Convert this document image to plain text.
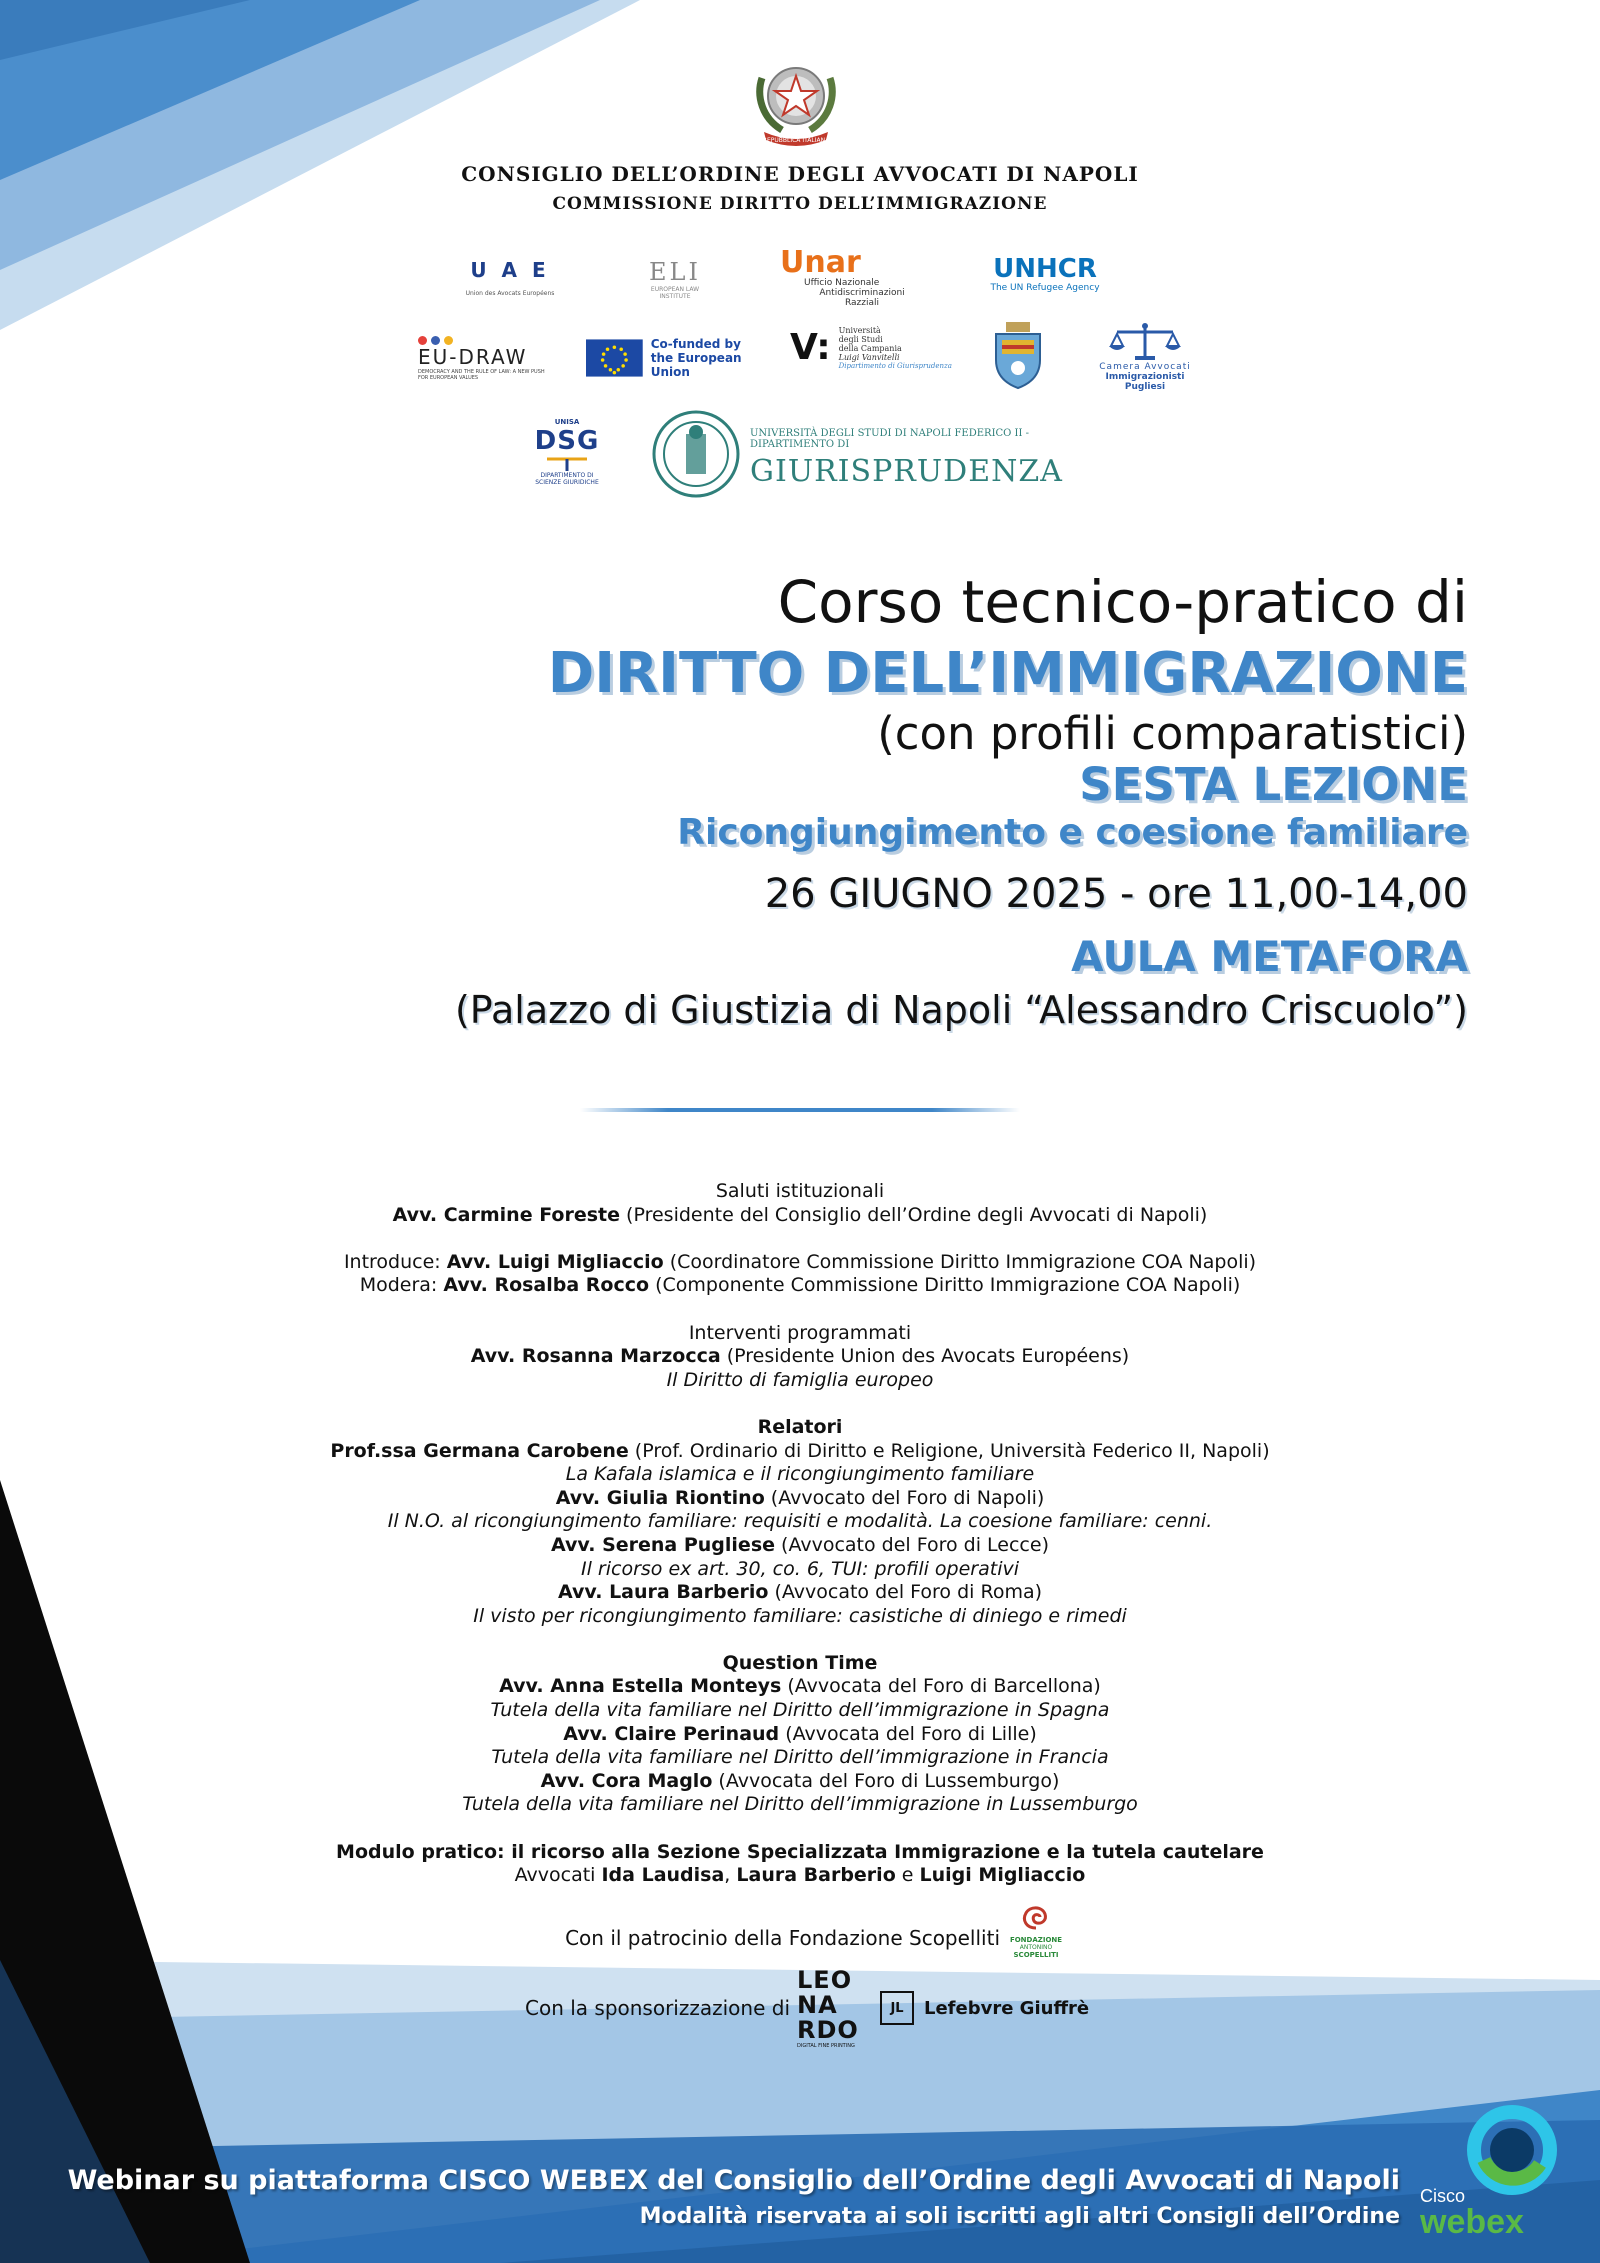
REPUBBLICA ITALIANA
CONSIGLIO DELL’ORDINE DEGLI AVVOCATI DI NAPOLI
COMMISSIONE DIRITTO DELL’IMMIGRAZIONE
U A E
Union des Avocats Européens
ELI
EUROPEAN LAW INSTITUTE
Unar
Ufficio Nazionale
Antidiscriminazioni Razziali
UNHCR
The UN Refugee Agency
EU-DRAW
DEMOCRACY AND THE RULE OF LAW: A NEW PUSH FOR EUROPEAN VALUES
Co-funded by
the European Union
V: Università
degli Studi
della Campania
Luigi Vanvitelli
Dipartimento di Giurisprudenza	Camera Avvocati
Immigrazionisti Pugliesi
UNISA
DSG
DIPARTIMENTO DI
SCIENZE GIURIDICHE
UNIVERSITÀ DEGLI STUDI DI NAPOLI FEDERICO II - DIPARTIMENTO DI
GIURISPRUDENZA
Corso tecnico-pratico di
DIRITTO DELL’IMMIGRAZIONE
(con profili comparatistici)
SESTA LEZIONE
Ricongiungimento e coesione familiare
26 GIUGNO 2025 - ore 11,00-14,00
AULA METAFORA
(Palazzo di Giustizia di Napoli “Alessandro Criscuolo”)
Saluti istituzionali
Avv. Carmine Foreste (Presidente del Consiglio dell’Ordine degli Avvocati di Napoli)
Introduce: Avv. Luigi Migliaccio (Coordinatore Commissione Diritto Immigrazione COA Napoli)
Modera: Avv. Rosalba Rocco (Componente Commissione Diritto Immigrazione COA Napoli)
Interventi programmati
Avv. Rosanna Marzocca (Presidente Union des Avocats Européens)
Il Diritto di famiglia europeo
Relatori
Prof.ssa Germana Carobene (Prof. Ordinario di Diritto e Religione, Università Federico II, Napoli)
La Kafala islamica e il ricongiungimento familiare
Avv. Giulia Riontino (Avvocato del Foro di Napoli)
Il N.O. al ricongiungimento familiare: requisiti e modalità. La coesione familiare: cenni.
Avv. Serena Pugliese (Avvocato del Foro di Lecce)
Il ricorso ex art. 30, co. 6, TUI: profili operativi
Avv. Laura Barberio (Avvocato del Foro di Roma)
Il visto per ricongiungimento familiare: casistiche di diniego e rimedi
Question Time
Avv. Anna Estella Monteys (Avvocata del Foro di Barcellona)
Tutela della vita familiare nel Diritto dell’immigrazione in Spagna
Avv. Claire Perinaud (Avvocata del Foro di Lille)
Tutela della vita familiare nel Diritto dell’immigrazione in Francia
Avv. Cora Maglo (Avvocata del Foro di Lussemburgo)
Tutela della vita familiare nel Diritto dell’immigrazione in Lussemburgo
Modulo pratico: il ricorso alla Sezione Specializzata Immigrazione e la tutela cautelare
Avvocati Ida Laudisa, Laura Barberio e Luigi Migliaccio
Con il patrocinio della Fondazione Scopelliti	FONDAZIONE
ANTONINO
SCOPELLITI
Con la sponsorizzazione di
LEO
NA
RDO
DIGITAL FINE PRINTING
JL	Lefebvre Giuffrè
Webinar su piattaforma CISCO WEBEX del Consiglio dell’Ordine degli Avvocati di Napoli
Modalità riservata ai soli iscritti agli altri Consigli dell’Ordine
Cisco
webex
